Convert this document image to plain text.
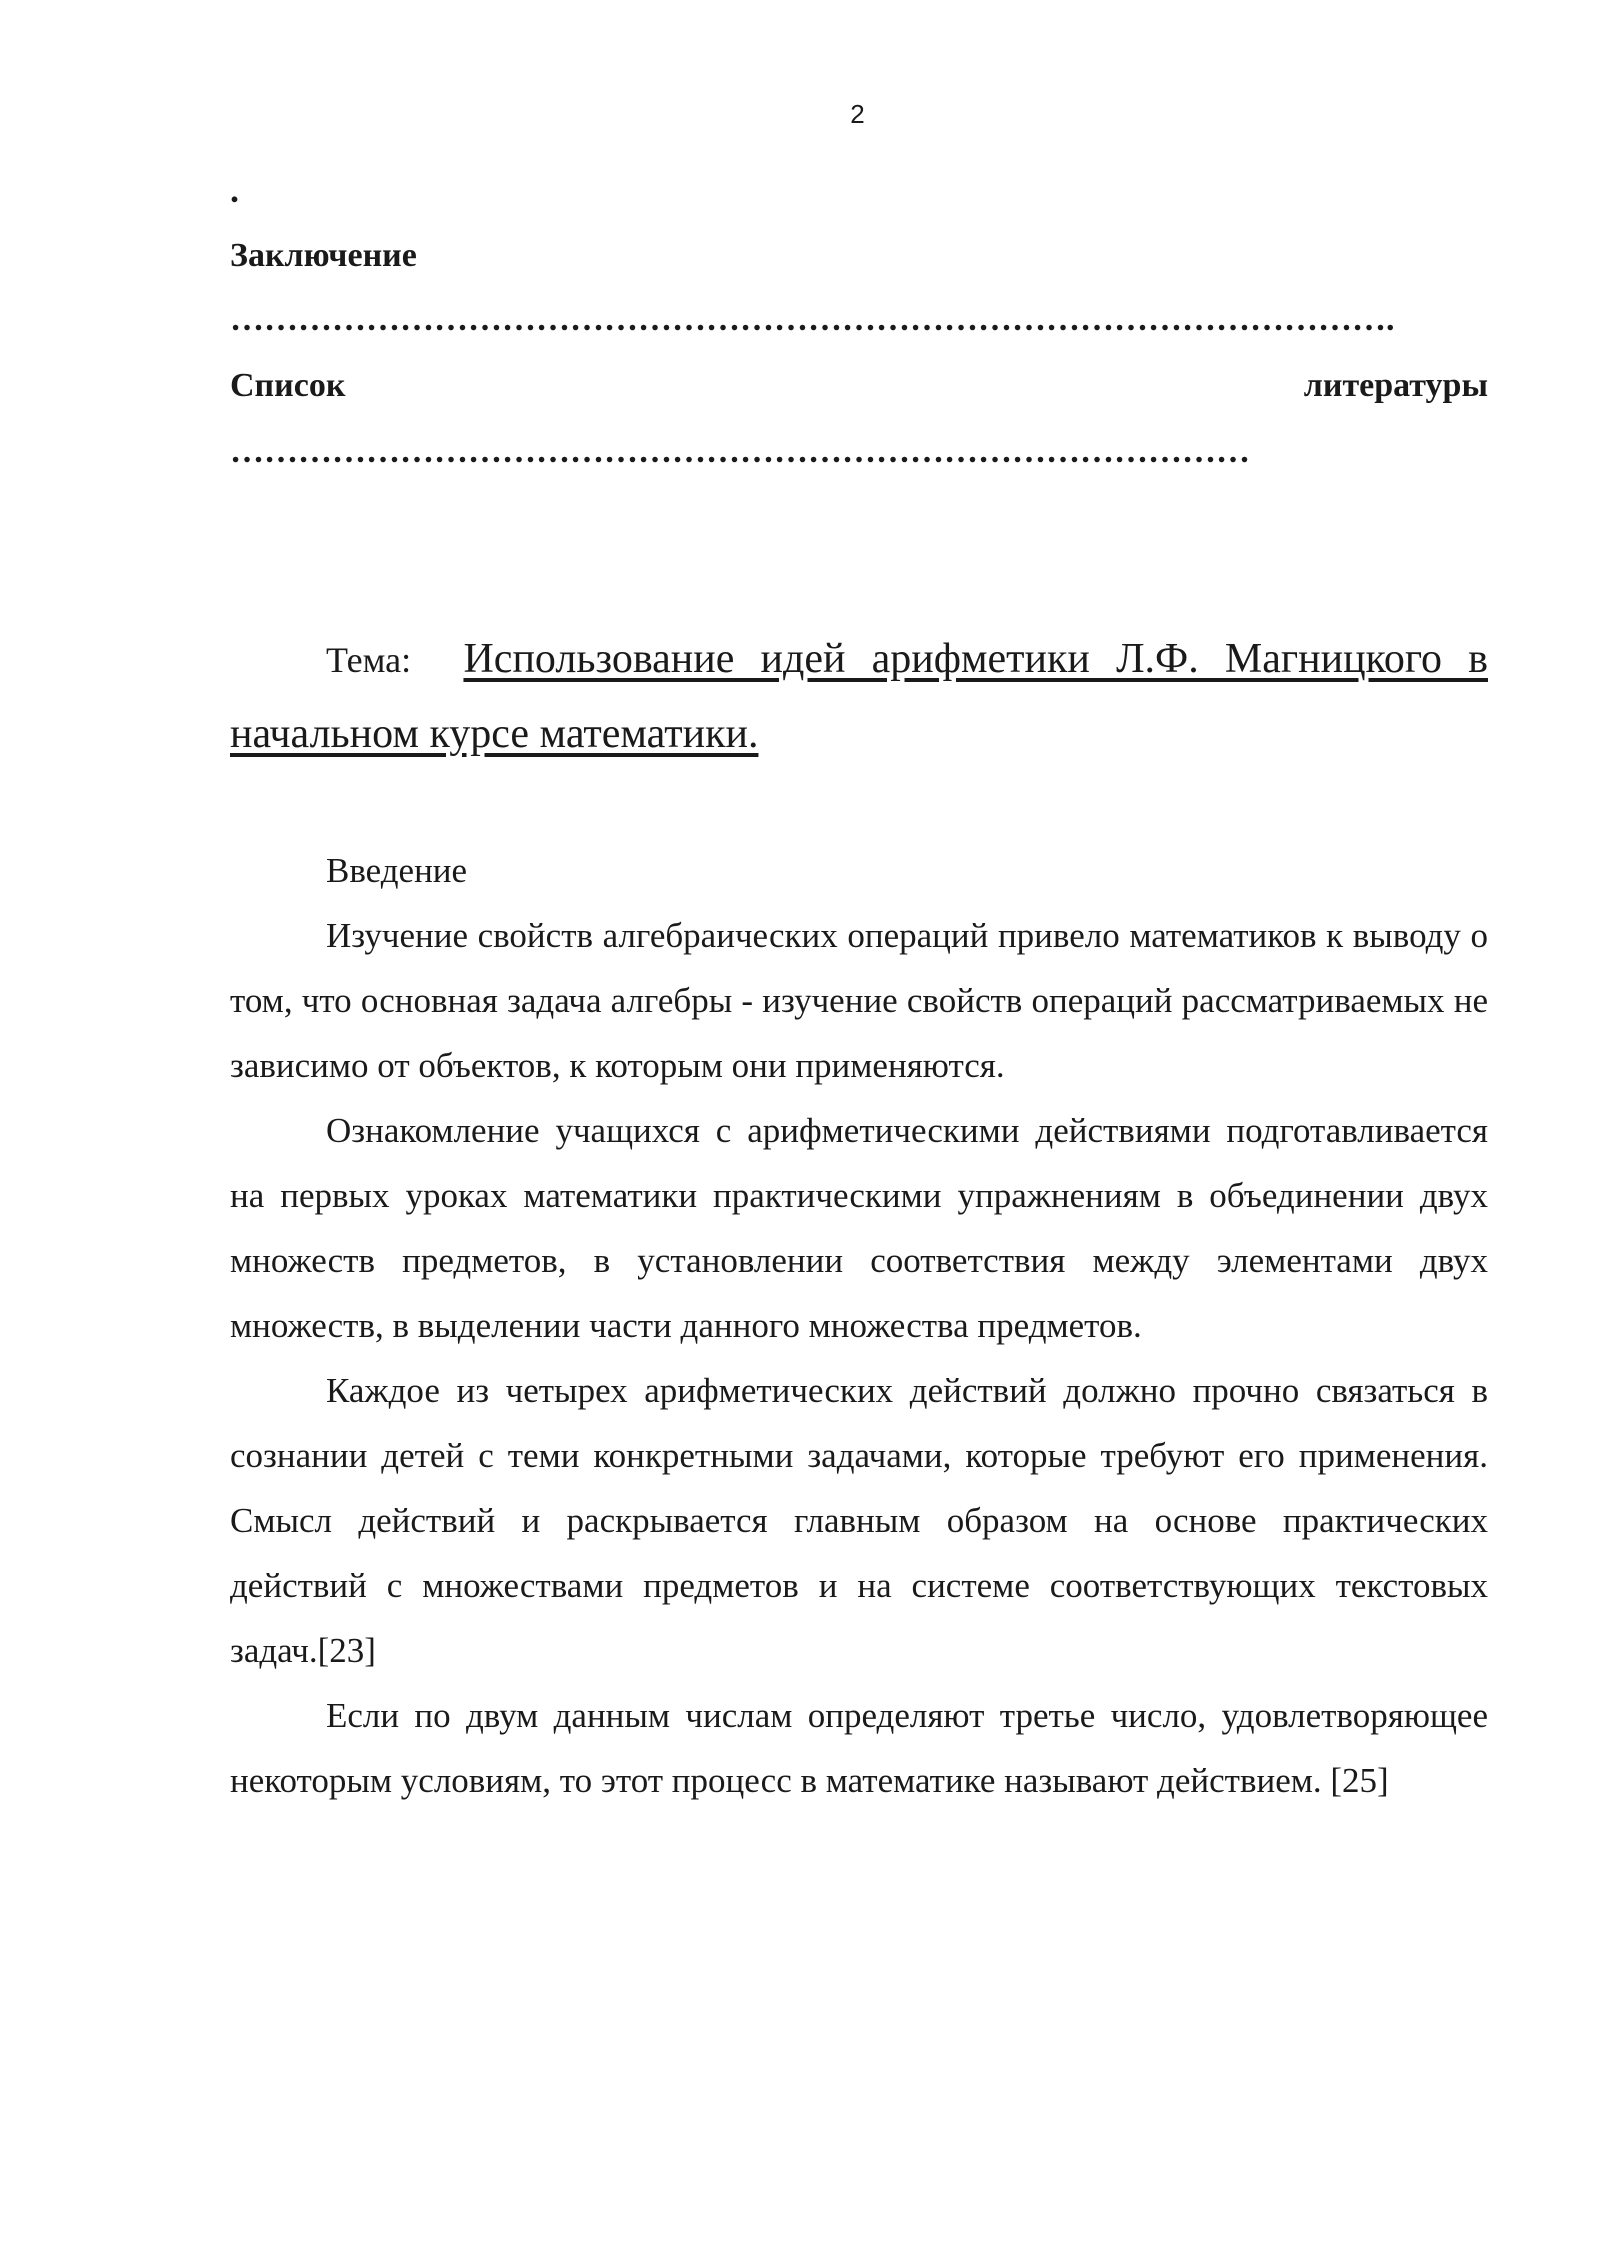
2
.
Заключение
………………………………………………………………………………………….
Список	литературы
………………………………………………………………………………
Тема: Использование идей арифметики Л.Ф. Магницкого в начальном курсе математики.
Введение

Изучение свойств алгебраических операций привело математиков к выводу о том, что основная задача алгебры - изучение свойств операций рассматриваемых не зависимо от объектов, к которым они применяются.

Ознакомление учащихся с арифметическими действиями подготавливается на первых уроках математики практическими упражнениям в объединении двух множеств предметов, в установлении соответствия между элементами двух множеств, в выделении части данного множества предметов.

Каждое из четырех арифметических действий должно прочно связаться в сознании детей с теми конкретными задачами, которые требуют его применения. Смысл действий и раскрывается главным образом на основе практических действий с множествами предметов и на системе соответствующих текстовых задач.[23]

Если по двум данным числам определяют третье число, удовлетворяющее некоторым условиям, то этот процесс в математике называют действием. [25]
